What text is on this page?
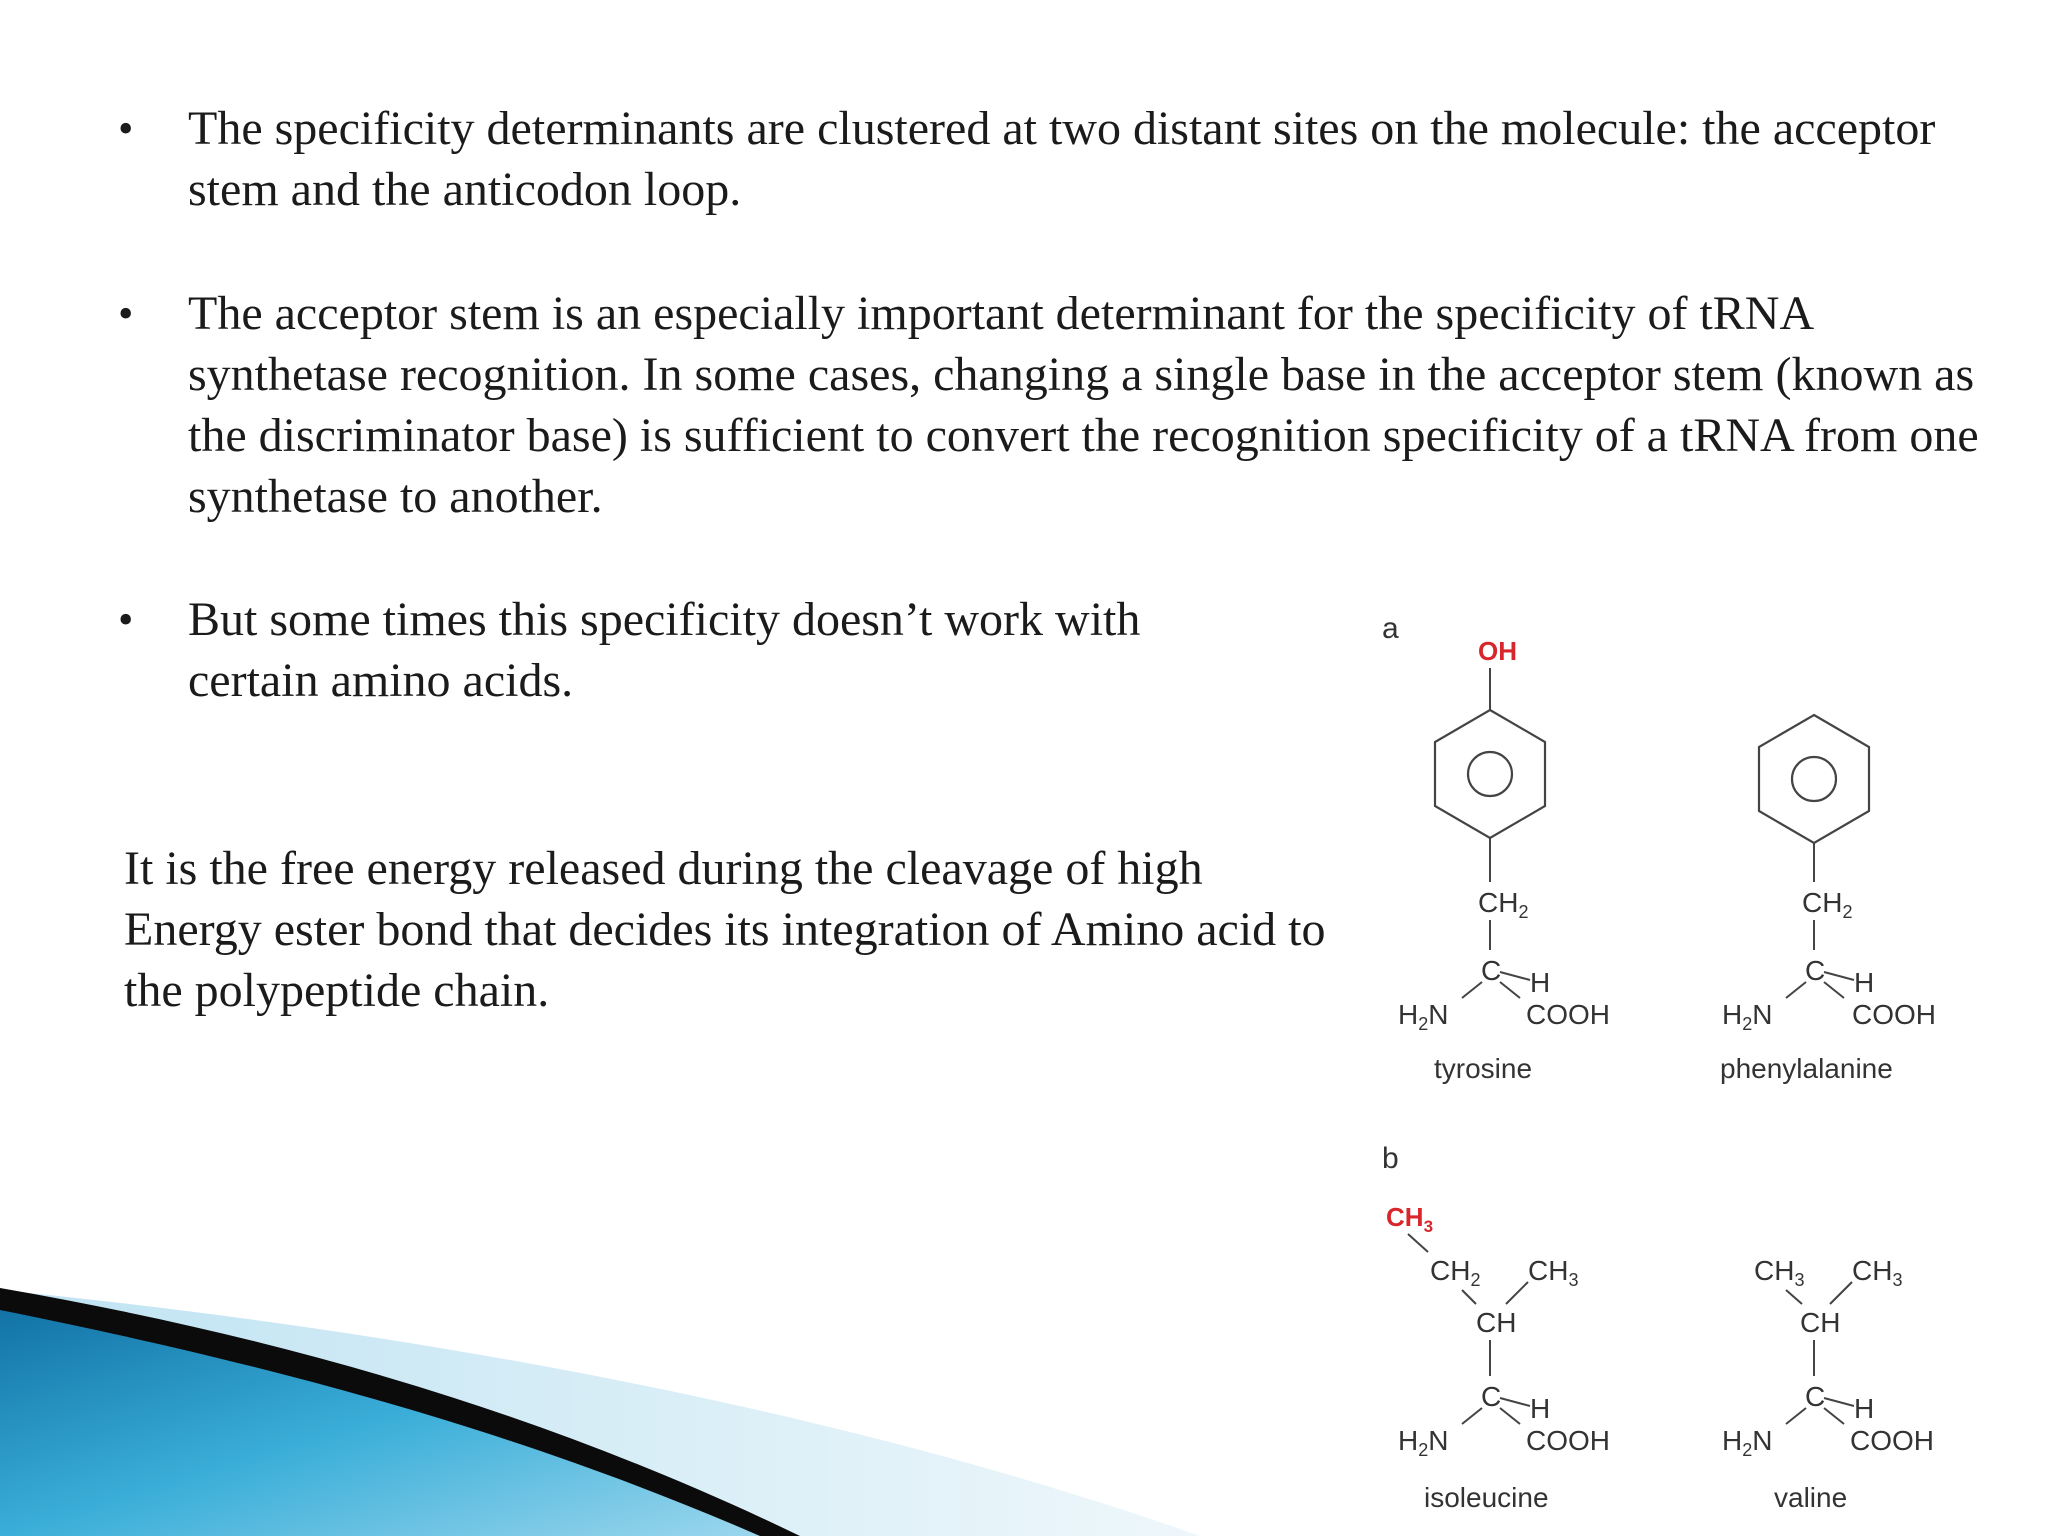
•	The specificity determinants are clustered at two distant sites on the molecule: the acceptor stem and the anticodon loop.
•	The acceptor stem is an especially important determinant for the specificity of tRNA synthetase recognition. In some cases, changing a single base in the acceptor stem (known as the discriminator base) is sufficient to convert the recognition specificity of a tRNA from one synthetase to another.
•	But some times this specificity doesn’t work with certain amino acids.
It is the free energy released during the cleavage of high Energy ester bond that decides its integration of Amino acid to the polypeptide chain.
a
OH
$CH_2$
C H
$H_2N$	COOH
tyrosine
$CH_2$
C H
$H_2N$	COOH
phenylalanine
b
$CH_3$
$CH_2$ $CH_3$
CH
C H
$H_2N$	COOH
isoleucine
$CH_3$ $CH_3$
CH
C H
$H_2N$	COOH
valine
